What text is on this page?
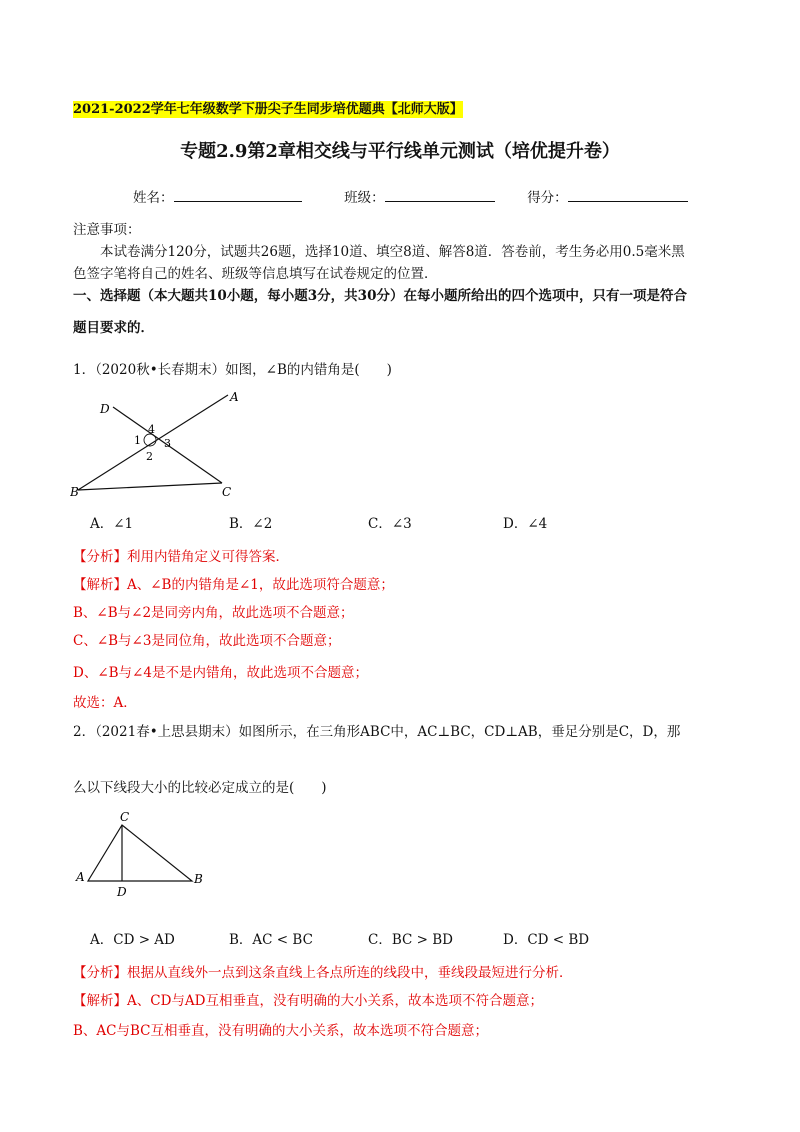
2021-2022学年七年级数学下册尖子生同步培优题典【北师大版】
专题2.9第2章相交线与平行线单元测试（培优提升卷）
姓名：	班级：	得分：
注意事项：
本试卷满分120分，试题共26题，选择10道、填空8道、解答8道．答卷前，考生务必用0.5毫米黑
色签字笔将自己的姓名、班级等信息填写在试卷规定的位置．
一、选择题（本大题共10小题，每小题3分，共30分）在每小题所给出的四个选项中，只有一项是符合
题目要求的．
1．（2020秋•长春期末）如图，∠B的内错角是(　　)
D
A
1
4
3
2
B	C
A．∠1	B．∠2	C．∠3	D．∠4
【分析】利用内错角定义可得答案．
【解析】A、∠B的内错角是∠1，故此选项符合题意；
B、∠B与∠2是同旁内角，故此选项不合题意；
C、∠B与∠3是同位角，故此选项不合题意；
D、∠B与∠4是不是内错角，故此选项不合题意；
故选：A．
2．（2021春•上思县期末）如图所示，在三角形ABC中，AC⊥BC，CD⊥AB，垂足分别是C，D，那
么以下线段大小的比较必定成立的是(　　)
C
A
D
B
A．CD > AD	B．AC < BC	C．BC > BD	D．CD < BD
【分析】根据从直线外一点到这条直线上各点所连的线段中，垂线段最短进行分析．
【解析】A、CD与AD互相垂直，没有明确的大小关系，故本选项不符合题意；
B、AC与BC互相垂直，没有明确的大小关系，故本选项不符合题意；
